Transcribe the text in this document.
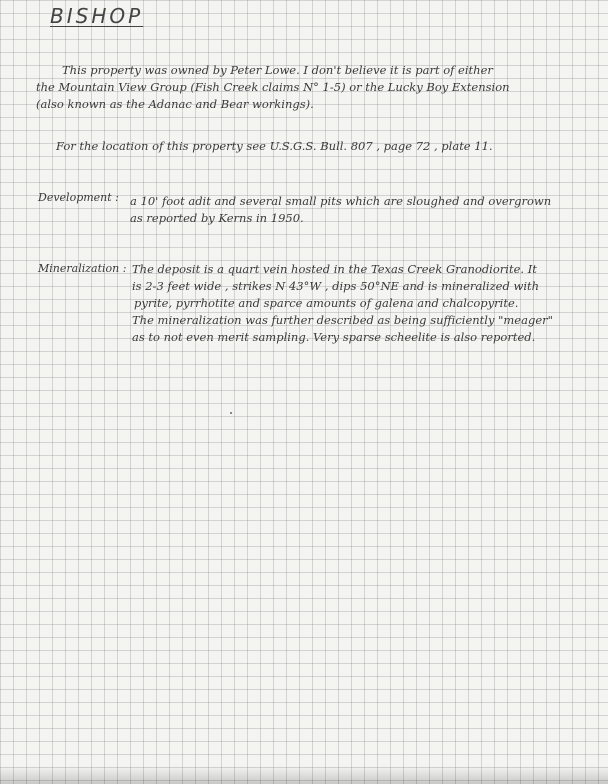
BISHOP
This property was owned by Peter Lowe. I don't believe it is part of either
the Mountain View Group (Fish Creek claims N° 1-5) or the Lucky Boy Extension
(also known as the Adanac and Bear workings).
For the location of this property see U.S.G.S. Bull. 807 , page 72 , plate 11.
Development : a 10' foot adit and several small pits which are sloughed and overgrown
as reported by Kerns in 1950.
Mineralization : The deposit is a quart vein hosted in the Texas Creek Granodiorite. It
is 2-3 feet wide , strikes N 43°W , dips 50°NE and is mineralized with
pyrite, pyrrhotite and sparce amounts of galena and chalcopyrite.
The mineralization was further described as being sufficiently "meager"
as to not even merit sampling. Very sparse scheelite is also reported.
